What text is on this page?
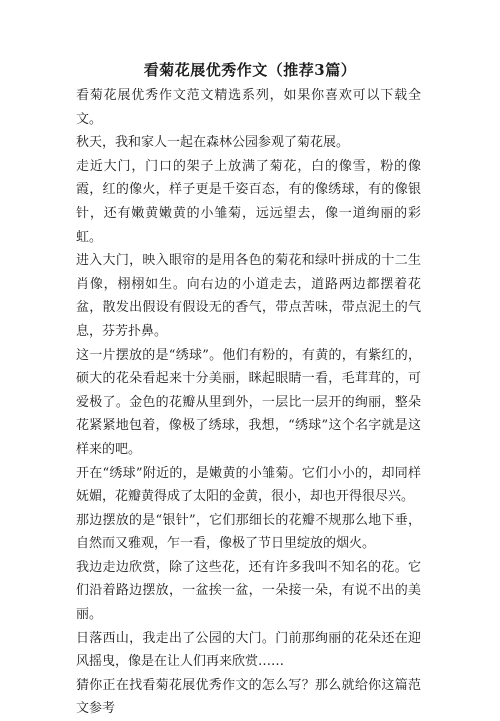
看菊花展优秀作文（推荐3篇）

看菊花展优秀作文范文精选系列，如果你喜欢可以下载全文。

秋天，我和家人一起在森林公园参观了菊花展。

走近大门，门口的架子上放满了菊花，白的像雪，粉的像霞，红的像火，样子更是千姿百态，有的像绣球，有的像银针，还有嫩黄嫩黄的小雏菊，远远望去，像一道绚丽的彩虹。

进入大门，映入眼帘的是用各色的菊花和绿叶拼成的十二生肖像，栩栩如生。向右边的小道走去，道路两边都摆着花盆，散发出假设有假设无的香气，带点苦味，带点泥土的气息，芬芳扑鼻。

这一片摆放的是“绣球”。他们有粉的，有黄的，有紫红的，硕大的花朵看起来十分美丽，眯起眼睛一看，毛茸茸的，可爱极了。金色的花瓣从里到外，一层比一层开的绚丽，整朵花紧紧地包着，像极了绣球，我想，“绣球”这个名字就是这样来的吧。

开在“绣球”附近的，是嫩黄的小雏菊。它们小小的，却同样妩媚，花瓣黄得成了太阳的金黄，很小，却也开得很尽兴。

那边摆放的是“银针”，它们那细长的花瓣不规那么地下垂，自然而又雅观，乍一看，像极了节日里绽放的烟火。

我边走边欣赏，除了这些花，还有许多我叫不知名的花。它们沿着路边摆放，一盆挨一盆，一朵接一朵，有说不出的美丽。

日落西山，我走出了公园的大门。门前那绚丽的花朵还在迎风摇曳，像是在让人们再来欣赏……

猜你正在找看菊花展优秀作文的怎么写？那么就给你这篇范文参考
